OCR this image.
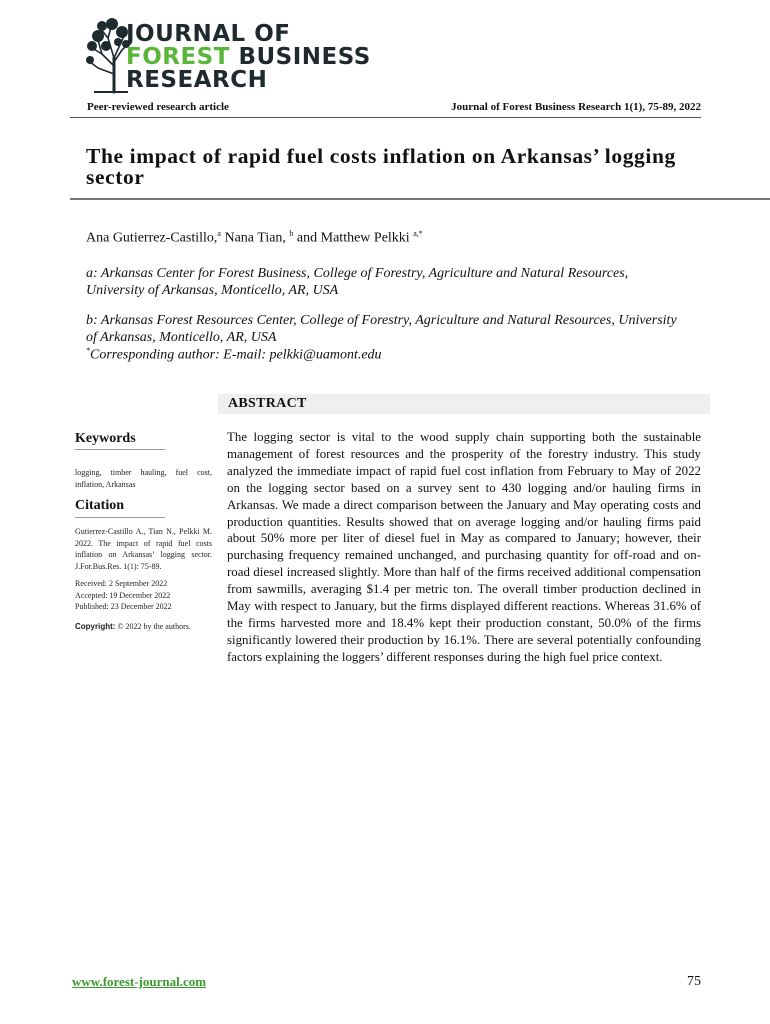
JOURNAL OF
FOREST BUSINESS
RESEARCH
Peer-reviewed research article	Journal of Forest Business Research 1(1), 75-89, 2022
The impact of rapid fuel costs inflation on Arkansas’ logging sector
Ana Gutierrez-Castillo,$^a$ Nana Tian, $^b$ and Matthew Pelkki $^{a,*}$
a: Arkansas Center for Forest Business, College of Forestry, Agriculture and Natural Resources, University of Arkansas, Monticello, AR, USA
b: Arkansas Forest Resources Center, College of Forestry, Agriculture and Natural Resources, University of Arkansas, Monticello, AR, USA
*Corresponding author: E-mail: pelkki@uamont.edu
ABSTRACT
The logging sector is vital to the wood supply chain supporting both the sustainable management of forest resources and the prosperity of the forestry industry. This study analyzed the immediate impact of rapid fuel cost inflation from February to May of 2022 on the logging sector based on a survey sent to 430 logging and/or hauling firms in Arkansas. We made a direct comparison between the January and May operating costs and production quantities. Results showed that on average logging and/or hauling firms paid about 50% more per liter of diesel fuel in May as compared to January; however, their purchasing frequency remained unchanged, and purchasing quantity for off-road and on-road diesel increased slightly. More than half of the firms received additional compensation from sawmills, averaging $1.4 per metric ton. The overall timber production declined in May with respect to January, but the firms displayed different reactions. Whereas 31.6% of the firms harvested more and 18.4% kept their production constant, 50.0% of the firms significantly lowered their production by 16.1%. There are several potentially confounding factors explaining the loggers’ different responses during the high fuel price context.
Keywords
logging, timber hauling, fuel cost, inflation, Arkansas
Citation
Gutierrez-Castillo A., Tian N., Pelkki M. 2022. The impact of rapid fuel costs inflation on Arkansas’ logging sector. J.For.Bus.Res. 1(1): 75-89.
Received: 2 September 2022
Accepted: 19 December 2022
Published: 23 December 2022
Copyright: © 2022 by the authors.
www.forest-journal.com	75
